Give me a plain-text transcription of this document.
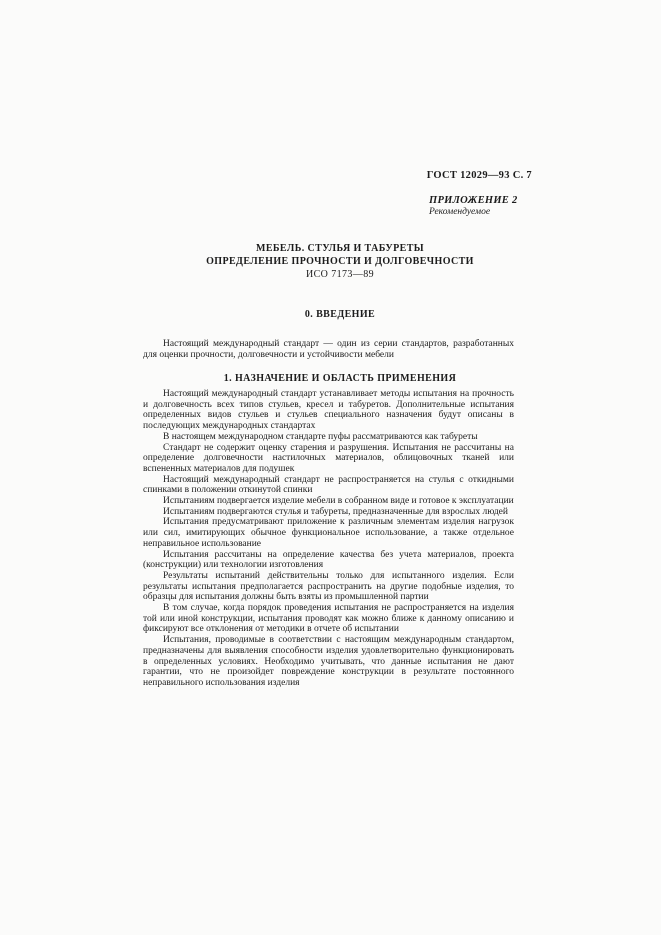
ГОСТ 12029—93 С. 7
ПРИЛОЖЕНИЕ 2
Рекомендуемое
МЕБЕЛЬ. СТУЛЬЯ И ТАБУРЕТЫ
ОПРЕДЕЛЕНИЕ ПРОЧНОСТИ И ДОЛГОВЕЧНОСТИ
ИСО 7173—89
0. ВВЕДЕНИЕ

Настоящий международный стандарт — один из серии стандартов, разработанных для оценки прочности, долговечности и устойчивости мебели

1. НАЗНАЧЕНИЕ И ОБЛАСТЬ ПРИМЕНЕНИЯ

Настоящий международный стандарт устанавливает методы испытания на прочность и долговечность всех типов стульев, кресел и табуретов. Дополнительные испытания определенных видов стульев и стульев специального назначения будут описаны в последующих международных стандартах

В настоящем международном стандарте пуфы рассматриваются как табуреты

Стандарт не содержит оценку старения и разрушения. Испытания не рассчитаны на определение долговечности настилочных материалов, облицовочных тканей или вспененных материалов для подушек

Настоящий международный стандарт не распространяется на стулья с откидными спинками в положении откинутой спинки

Испытаниям подвергается изделие мебели в собранном виде и готовое к эксплуатации

Испытаниям подвергаются стулья и табуреты, предназначенные для взрослых людей

Испытания предусматривают приложение к различным элементам изделия нагрузок или сил, имитирующих обычное функциональное использование, а также отдельное неправильное использование

Испытания рассчитаны на определение качества без учета материалов, проекта (конструкции) или технологии изготовления

Результаты испытаний действительны только для испытанного изделия. Если результаты испытания предполагается распространить на другие подобные изделия, то образцы для испытания должны быть взяты из промышленной партии

В том случае, когда порядок проведения испытания не распространяется на изделия той или иной конструкции, испытания проводят как можно ближе к данному описанию и фиксируют все отклонения от методики в отчете об испытании

Испытания, проводимые в соответствии с настоящим международным стандартом, предназначены для выявления способности изделия удовлетворительно функционировать в определенных условиях. Необходимо учитывать, что данные испытания не дают гарантии, что не произойдет повреждение конструкции в результате постоянного неправильного использования изделия
